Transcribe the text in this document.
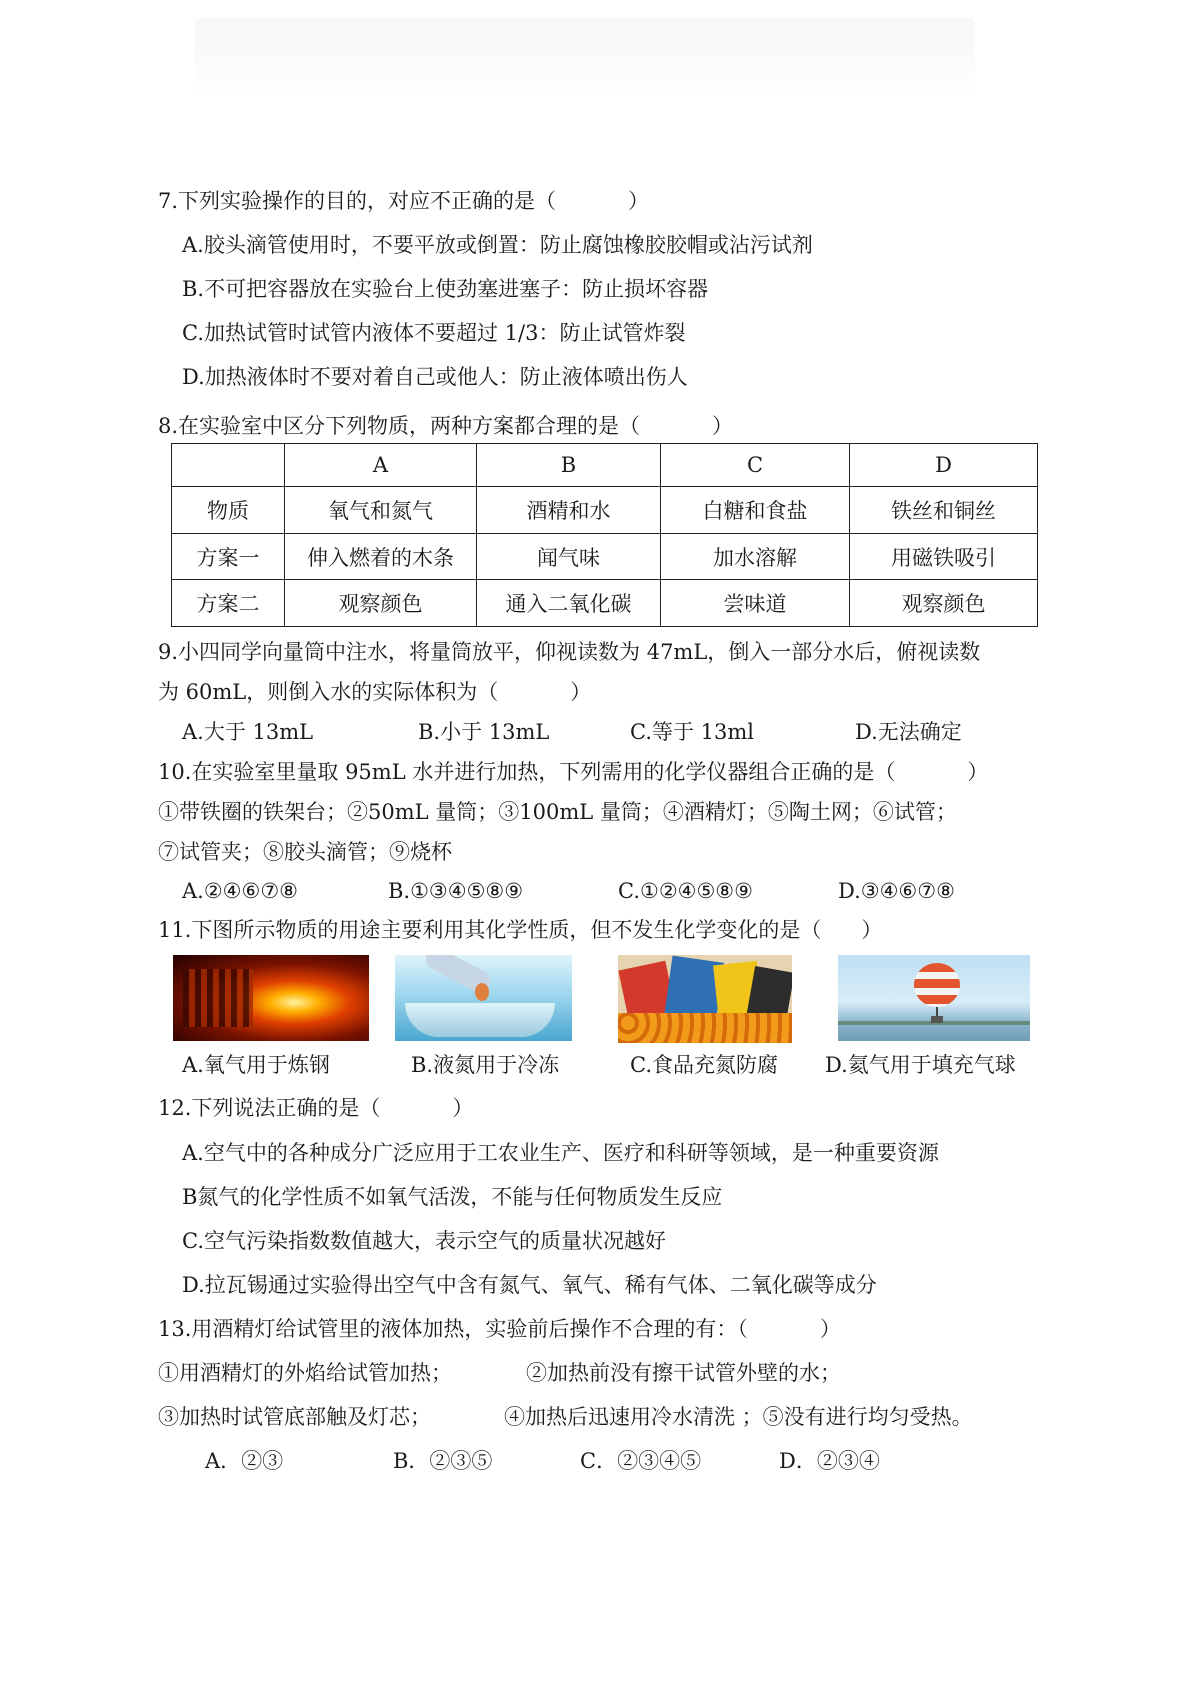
7.下列实验操作的目的，对应不正确的是（	）
A.胶头滴管使用时，不要平放或倒置：防止腐蚀橡胶胶帽或沾污试剂
B.不可把容器放在实验台上使劲塞进塞子：防止损坏容器
C.加热试管时试管内液体不要超过 1/3：防止试管炸裂
D.加热液体时不要对着自己或他人：防止液体喷出伤人
8.在实验室中区分下列物质，两种方案都合理的是（	）
	A	B	C	D
物质	氧气和氮气	酒精和水	白糖和食盐	铁丝和铜丝
方案一	伸入燃着的木条	闻气味	加水溶解	用磁铁吸引
方案二	观察颜色	通入二氧化碳	尝味道	观察颜色
9.小四同学向量筒中注水，将量筒放平，仰视读数为 47mL，倒入一部分水后，俯视读数
为 60mL，则倒入水的实际体积为（	）
A.大于 13mL	B.小于 13mL	C.等于 13ml	D.无法确定
10.在实验室里量取 95mL 水并进行加热，下列需用的化学仪器组合正确的是（	）
①带铁圈的铁架台；②50mL 量筒；③100mL 量筒；④酒精灯；⑤陶土网；⑥试管；
⑦试管夹；⑧胶头滴管；⑨烧杯
A.②④⑥⑦⑧	B.①③④⑤⑧⑨	C.①②④⑤⑧⑨	D.③④⑥⑦⑧
11.下图所示物质的用途主要利用其化学性质，但不发生化学变化的是（ ）
A.氧气用于炼钢	B.液氮用于冷冻	C.食品充氮防腐 D.氦气用于填充气球
12.下列说法正确的是（	）
A.空气中的各种成分广泛应用于工农业生产、医疗和科研等领域，是一种重要资源
B氮气的化学性质不如氧气活泼，不能与任何物质发生反应
C.空气污染指数数值越大，表示空气的质量状况越好
D.拉瓦锡通过实验得出空气中含有氮气、氧气、稀有气体、二氧化碳等成分
13.用酒精灯给试管里的液体加热，实验前后操作不合理的有：（	）
①用酒精灯的外焰给试管加热；	②加热前没有擦干试管外壁的水；
③加热时试管底部触及灯芯；	④加热后迅速用冷水清洗 ；⑤没有进行均匀受热。
A．②③	B．②③⑤	C．②③④⑤	D．②③④
